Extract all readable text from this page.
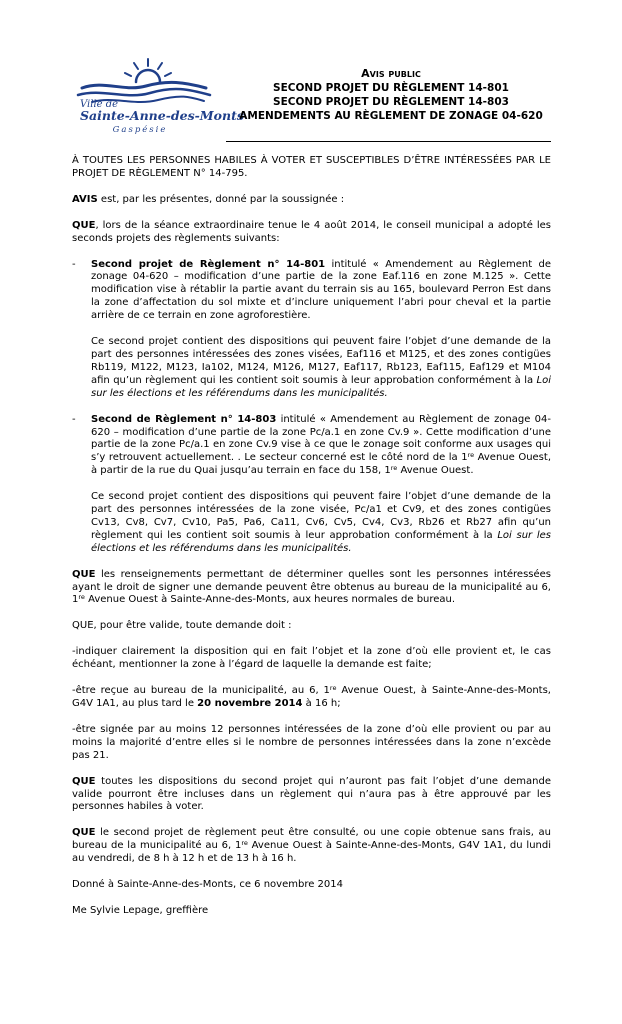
Ville de
Sainte-Anne-des-Monts
Gaspésie
Avis public
SECOND PROJET DU RÈGLEMENT 14-801
SECOND PROJET DU RÈGLEMENT 14-803
AMENDEMENTS AU RÈGLEMENT DE ZONAGE 04-620

À TOUTES LES PERSONNES HABILES À VOTER ET SUSCEPTIBLES D’ÊTRE INTÉRESSÉES PAR LE PROJET DE RÈGLEMENT N° 14-795.

AVIS est, par les présentes, donné par la soussignée :

QUE, lors de la séance extraordinaire tenue le 4 août 2014, le conseil municipal a adopté les seconds projets des règlements suivants:

- Second projet de Règlement n° 14-801 intitulé « Amendement au Règlement de zonage 04-620 – modification d’une partie de la zone Eaf.116 en zone M.125 ». Cette modification vise à rétablir la partie avant du terrain sis au 165, boulevard Perron Est dans la zone d’affectation du sol mixte et d’inclure uniquement l’abri pour cheval et la partie arrière de ce terrain en zone agroforestière.

Ce second projet contient des dispositions qui peuvent faire l’objet d’une demande de la part des personnes intéressées des zones visées, Eaf116 et M125, et des zones contigües Rb119, M122, M123, Ia102, M124, M126, M127, Eaf117, Rb123, Eaf115, Eaf129 et M104 afin qu’un règlement qui les contient soit soumis à leur approbation conformément à la Loi sur les élections et les référendums dans les municipalités.

- Second de Règlement n° 14-803 intitulé « Amendement au Règlement de zonage 04-620 – modification d’une partie de la zone Pc/a.1 en zone Cv.9 ». Cette modification d’une partie de la zone Pc/a.1 en zone Cv.9 vise à ce que le zonage soit conforme aux usages qui s’y retrouvent actuellement. . Le secteur concerné est le côté nord de la 1re Avenue Ouest, à partir de la rue du Quai jusqu’au terrain en face du 158, 1re Avenue Ouest.

Ce second projet contient des dispositions qui peuvent faire l’objet d’une demande de la part des personnes intéressées de la zone visée, Pc/a1 et Cv9, et des zones contigües Cv13, Cv8, Cv7, Cv10, Pa5, Pa6, Ca11, Cv6, Cv5, Cv4, Cv3, Rb26 et Rb27 afin qu’un règlement qui les contient soit soumis à leur approbation conformément à la Loi sur les élections et les référendums dans les municipalités.

QUE les renseignements permettant de déterminer quelles sont les personnes intéressées ayant le droit de signer une demande peuvent être obtenus au bureau de la municipalité au 6, 1re Avenue Ouest à Sainte-Anne-des-Monts, aux heures normales de bureau.

QUE, pour être valide, toute demande doit :

-indiquer clairement la disposition qui en fait l’objet et la zone d’où elle provient et, le cas échéant, mentionner la zone à l’égard de laquelle la demande est faite;

-être reçue au bureau de la municipalité, au 6, 1re Avenue Ouest, à Sainte-Anne-des-Monts, G4V 1A1, au plus tard le 20 novembre 2014 à 16 h;

-être signée par au moins 12 personnes intéressées de la zone d’où elle provient ou par au moins la majorité d’entre elles si le nombre de personnes intéressées dans la zone n’excède pas 21.

QUE toutes les dispositions du second projet qui n’auront pas fait l’objet d’une demande valide pourront être incluses dans un règlement qui n’aura pas à être approuvé par les personnes habiles à voter.

QUE le second projet de règlement peut être consulté, ou une copie obtenue sans frais, au bureau de la municipalité au 6, 1re Avenue Ouest à Sainte-Anne-des-Monts, G4V 1A1, du lundi au vendredi, de 8 h à 12 h et de 13 h à 16 h.

Donné à Sainte-Anne-des-Monts, ce 6 novembre 2014

Me Sylvie Lepage, greffière
